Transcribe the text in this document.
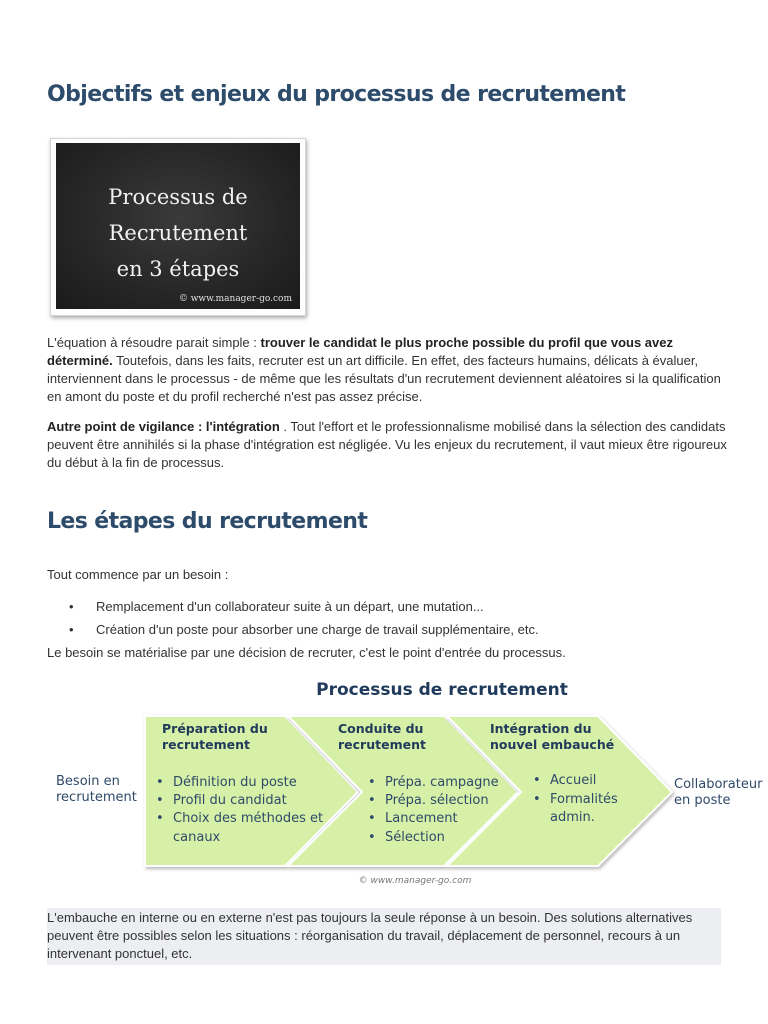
Objectifs et enjeux du processus de recrutement
Processus de
Recrutement
en 3 étapes
© www.manager-go.com

L'équation à résoudre parait simple : trouver le candidat le plus proche possible du profil que vous avez déterminé. Toutefois, dans les faits, recruter est un art difficile. En effet, des facteurs humains, délicats à évaluer, interviennent dans le processus - de même que les résultats d'un recrutement deviennent aléatoires si la qualification en amont du poste et du profil recherché n'est pas assez précise.

Autre point de vigilance : l'intégration . Tout l'effort et le professionnalisme mobilisé dans la sélection des candidats peuvent être annihilés si la phase d'intégration est négligée. Vu les enjeux du recrutement, il vaut mieux être rigoureux du début à la fin de processus.

Les étapes du recrutement

Tout commence par un besoin :

• Remplacement d'un collaborateur suite à un départ, une mutation...
• Création d'un poste pour absorber une charge de travail supplémentaire, etc.

Le besoin se matérialise par une décision de recruter, c'est le point d'entrée du processus.

Processus de recrutement
Besoin en recrutement
Collaborateur en poste
Préparation du recrutement
• Définition du poste
• Profil du candidat
• Choix des méthodes et
canaux
Conduite du recrutement
• Prépa. campagne
• Prépa. sélection
• Lancement
• Sélection
Intégration du nouvel embauché
• Accueil
• Formalités
admin.
© www.manager-go.com

L'embauche en interne ou en externe n'est pas toujours la seule réponse à un besoin. Des solutions alternatives peuvent être possibles selon les situations : réorganisation du travail, déplacement de personnel, recours à un intervenant ponctuel, etc.
